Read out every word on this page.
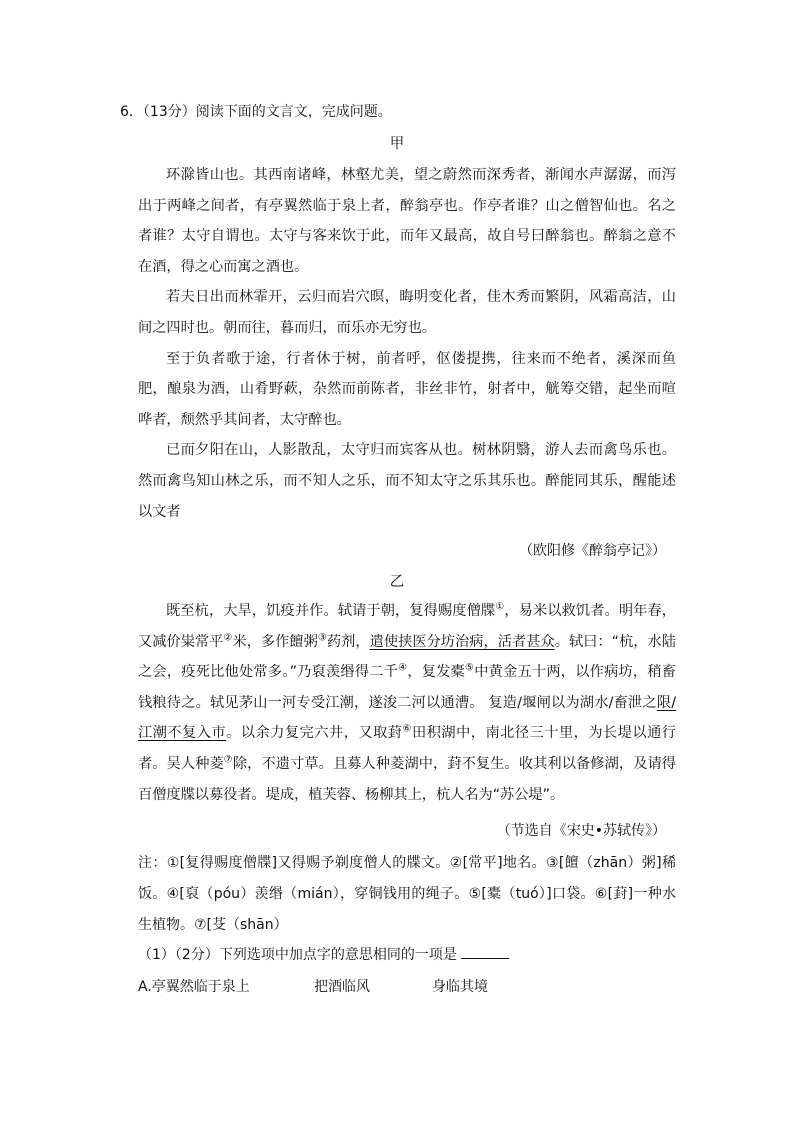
6．（13分）阅读下面的文言文，完成问题。
甲

环滁皆山也。其西南诸峰，林壑尤美，望之蔚然而深秀者，渐闻水声潺潺，而泻出于两峰之间者，有亭翼然临于泉上者，醉翁亭也。作亭者谁？山之僧智仙也。名之者谁？太守自谓也。太守与客来饮于此，而年又最高，故自号曰醉翁也。醉翁之意不在酒，得之心而寓之酒也。

若夫日出而林霏开，云归而岩穴暝，晦明变化者，佳木秀而繁阴，风霜高洁，山间之四时也。朝而往，暮而归，而乐亦无穷也。

至于负者歌于途，行者休于树，前者呼，伛偻提携，往来而不绝者，溪深而鱼肥，酿泉为酒，山肴野蔌，杂然而前陈者，非丝非竹，射者中，觥筹交错，起坐而喧哗者，颓然乎其间者，太守醉也。

已而夕阳在山，人影散乱，太守归而宾客从也。树林阴翳，游人去而禽鸟乐也。然而禽鸟知山林之乐，而不知人之乐，而不知太守之乐其乐也。醉能同其乐，醒能述以文者

（欧阳修《醉翁亭记》）
乙

既至杭，大旱，饥疫并作。轼请于朝，复得赐度僧牒①，易米以救饥者。明年春，又减价粜常平②米，多作饘粥③药剂，遣使挟医分坊治病，活者甚众。轼曰：“杭，水陆之会，疫死比他处常多。”乃裒羡缗得二千④，复发橐⑤中黄金五十两，以作病坊，稍畜钱粮待之。轼见茅山一河专受江潮，遂浚二河以通漕。 复造/堰闸以为湖水/畜泄之限/江潮不复入市。以余力复完六井，又取葑⑥田积湖中，南北径三十里，为长堤以通行者。吴人种菱⑦除，不遗寸草。且募人种菱湖中，葑不复生。收其利以备修湖，及请得百僧度牒以募役者。堤成，植芙蓉、杨柳其上，杭人名为“苏公堤”。

（节选自《宋史•苏轼传》）

注：①[复得赐度僧牒]又得赐予剃度僧人的牒文。②[常平]地名。③[饘（zhān）粥]稀饭。④[裒（póu）羡缗（mián），穿铜钱用的绳子。⑤[橐（tuó）]口袋。⑥[葑]一种水生植物。⑦[芟（shān）

（1）（2分）下列选项中加点字的意思相同的一项是
A.亭翼然临于泉上	把酒临风	身临其境
